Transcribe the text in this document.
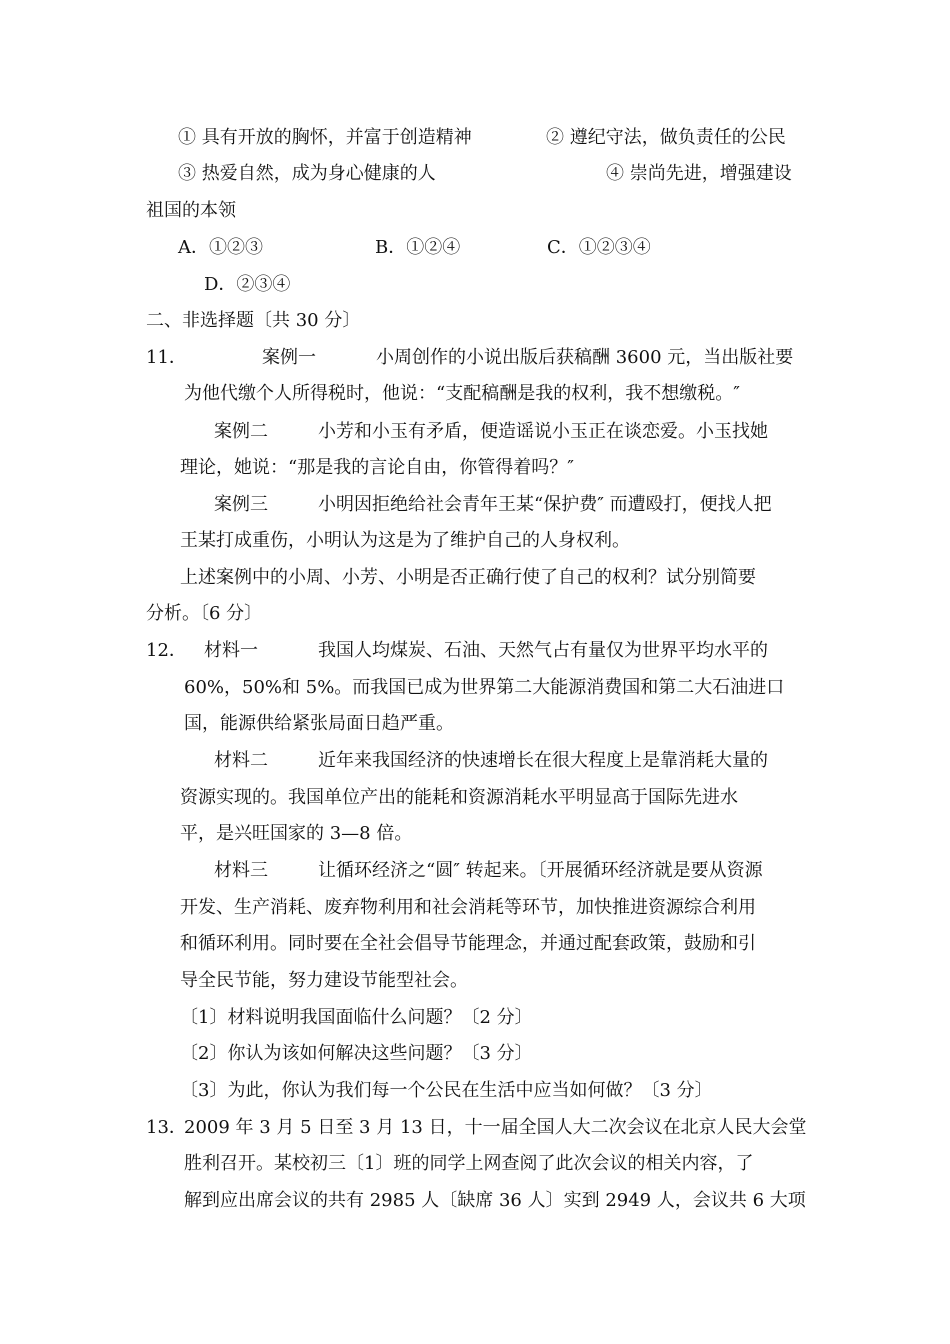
① 具有开放的胸怀，并富于创造精神	② 遵纪守法，做负责任的公民
③ 热爱自然，成为身心健康的人	④ 崇尚先进，增强建设
祖国的本领
A．①②③	B．①②④	C．①②③④
D．②③④
二、非选择题〔共 30 分〕
11．	案例一	小周创作的小说出版后获稿酬 3600 元，当出版社要
为他代缴个人所得税时，他说：“支配稿酬是我的权利，我不想缴税。″
案例二	小芳和小玉有矛盾，便造谣说小玉正在谈恋爱。小玉找她
理论，她说：“那是我的言论自由，你管得着吗？″
案例三	小明因拒绝给社会青年王某“保护费″ 而遭殴打，便找人把
王某打成重伤，小明认为这是为了维护自己的人身权利。
上述案例中的小周、小芳、小明是否正确行使了自己的权利？试分别简要
分析。〔6 分〕
12． 材料一	我国人均煤炭、石油、天然气占有量仅为世界平均水平的
60%，50%和 5%。而我国已成为世界第二大能源消费国和第二大石油进口
国，能源供给紧张局面日趋严重。
材料二	近年来我国经济的快速增长在很大程度上是靠消耗大量的
资源实现的。我国单位产出的能耗和资源消耗水平明显高于国际先进水
平，是兴旺国家的 3—8 倍。
材料三	让循环经济之“圆″ 转起来。〔开展循环经济就是要从资源
开发、生产消耗、废弃物利用和社会消耗等环节，加快推进资源综合利用
和循环利用。同时要在全社会倡导节能理念，并通过配套政策，鼓励和引
导全民节能，努力建设节能型社会。
〔1〕材料说明我国面临什么问题？〔2 分〕
〔2〕你认为该如何解决这些问题？〔3 分〕
〔3〕为此，你认为我们每一个公民在生活中应当如何做？〔3 分〕
13．
2009 年 3 月 5 日至 3 月 13 日，十一届全国人大二次会议在北京人民大会堂
胜利召开。某校初三〔1〕班的同学上网查阅了此次会议的相关内容，了
解到应出席会议的共有 2985 人〔缺席 36 人〕实到 2949 人，会议共 6 大项
